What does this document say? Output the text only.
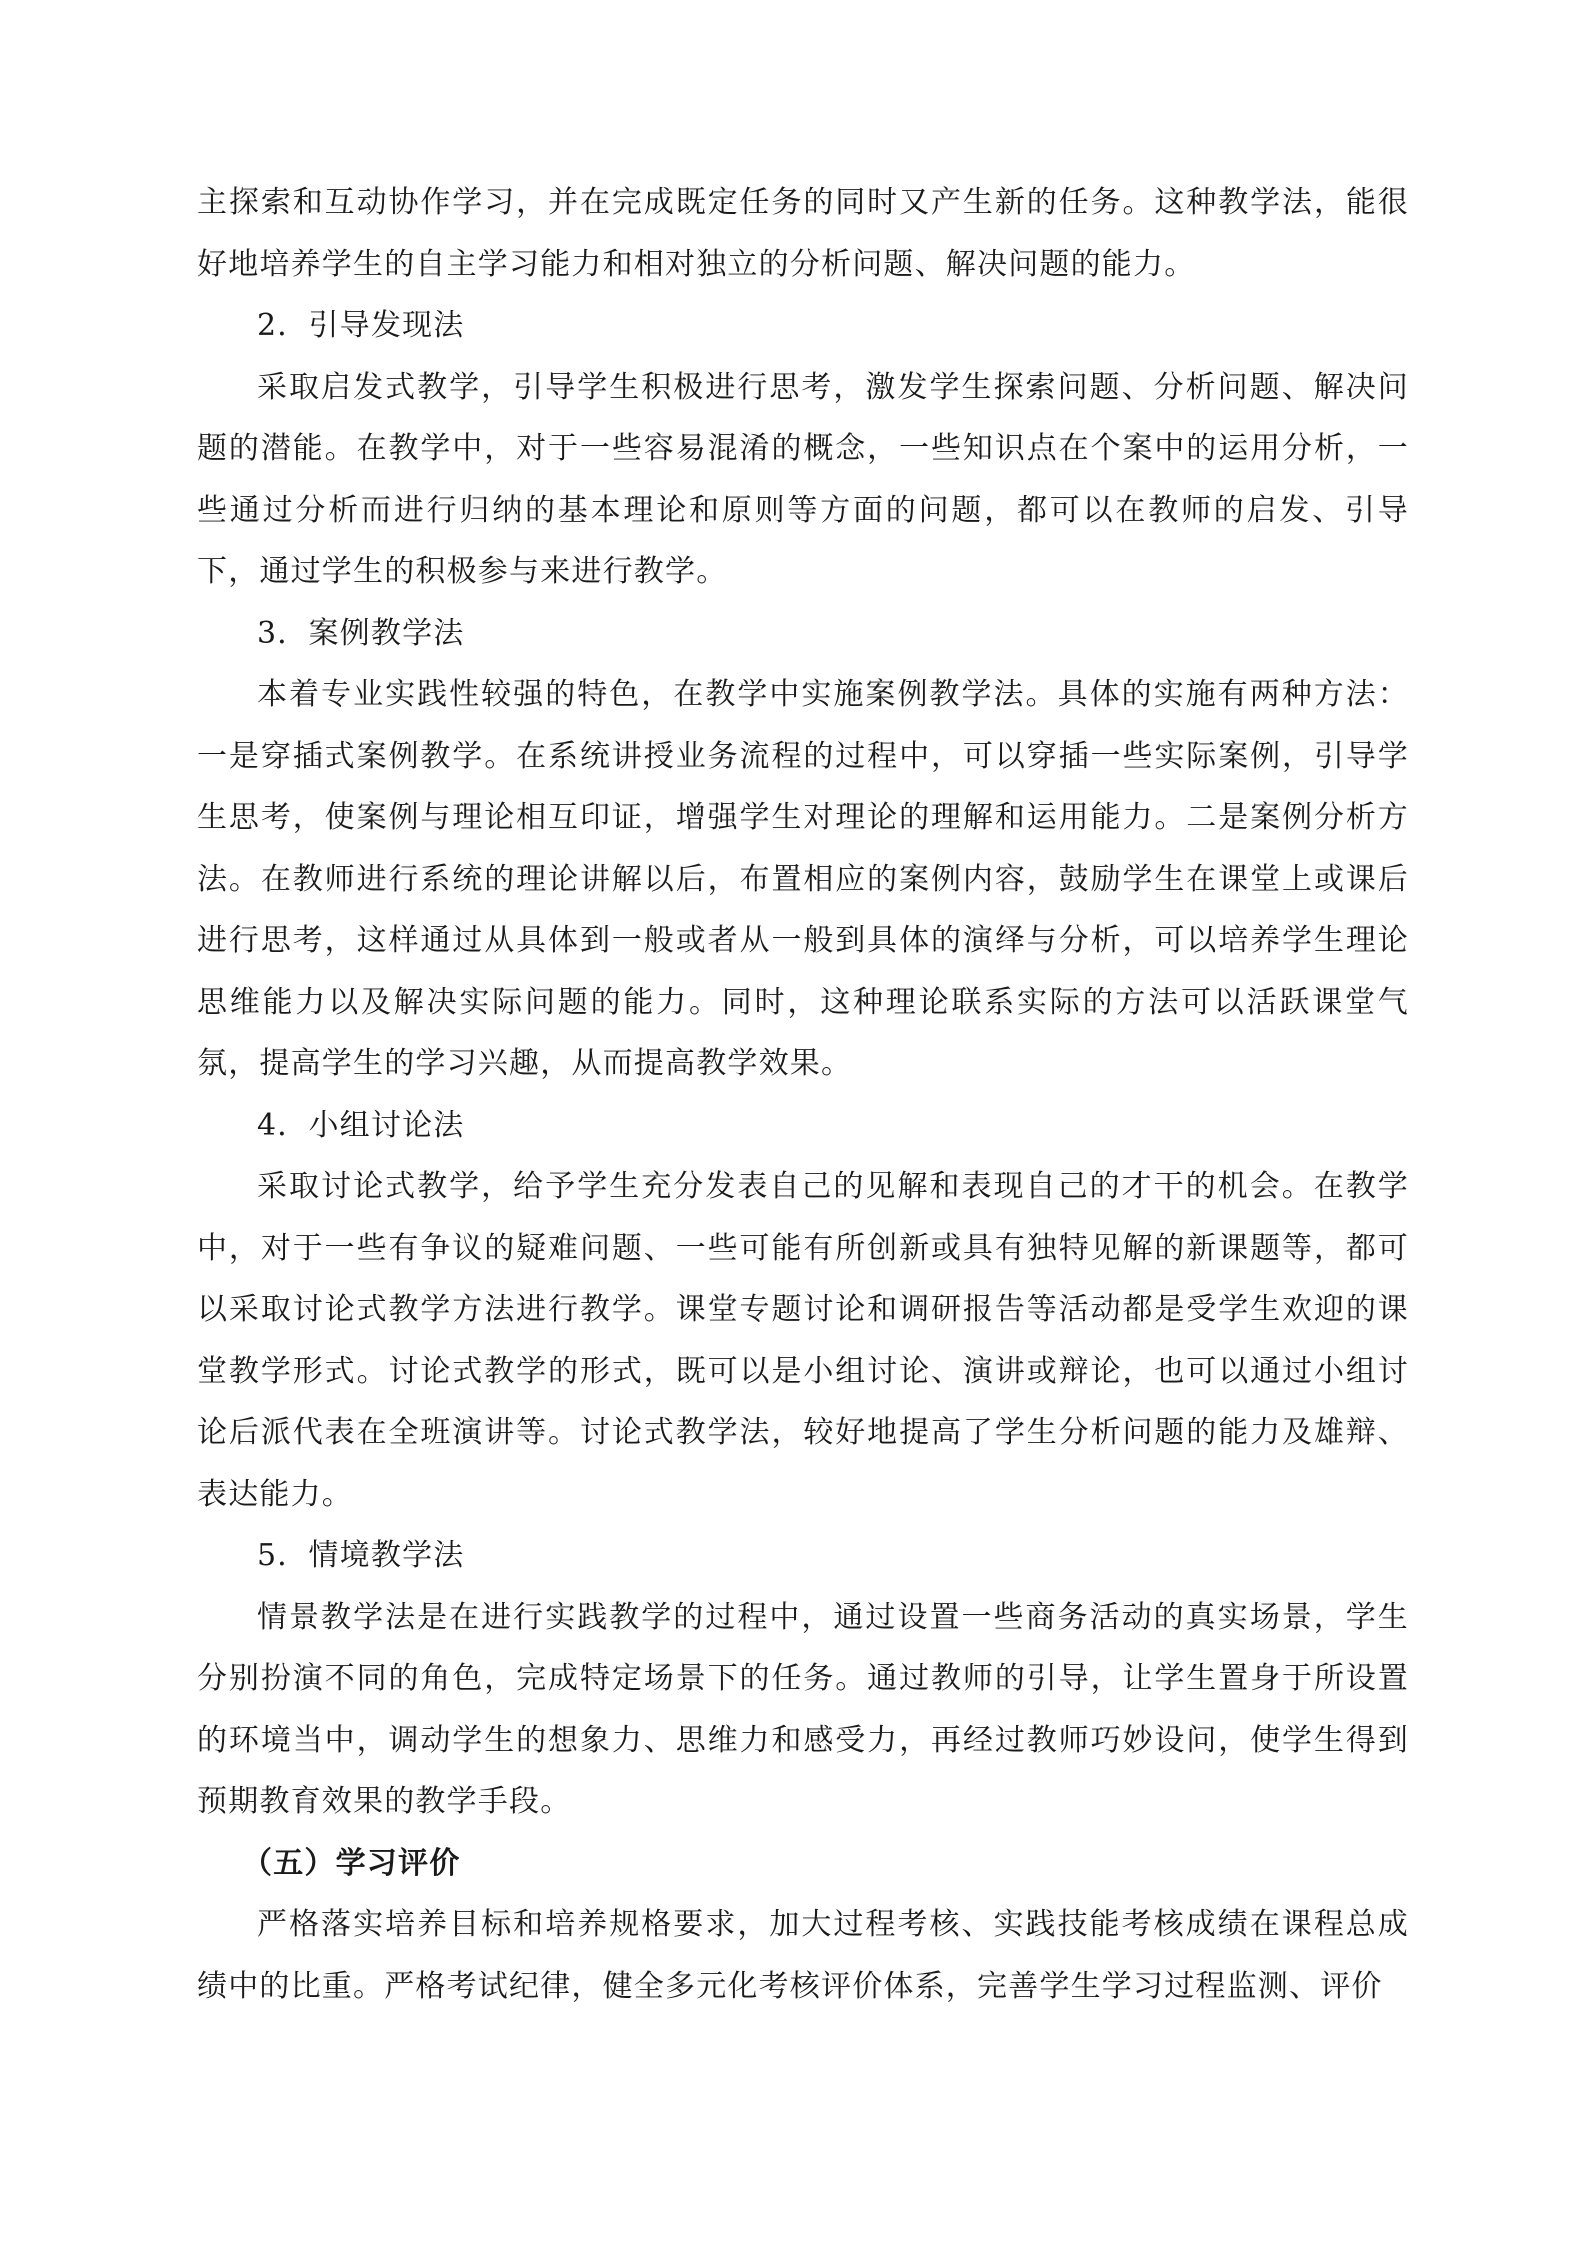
主探索和互动协作学习，并在完成既定任务的同时又产生新的任务。这种教学法，能很好地培养学生的自主学习能力和相对独立的分析问题、解决问题的能力。

2．引导发现法

采取启发式教学，引导学生积极进行思考，激发学生探索问题、分析问题、解决问题的潜能。在教学中，对于一些容易混淆的概念，一些知识点在个案中的运用分析，一些通过分析而进行归纳的基本理论和原则等方面的问题，都可以在教师的启发、引导下，通过学生的积极参与来进行教学。

3．案例教学法

本着专业实践性较强的特色，在教学中实施案例教学法。具体的实施有两种方法：一是穿插式案例教学。在系统讲授业务流程的过程中，可以穿插一些实际案例，引导学生思考，使案例与理论相互印证，增强学生对理论的理解和运用能力。二是案例分析方法。在教师进行系统的理论讲解以后，布置相应的案例内容，鼓励学生在课堂上或课后进行思考，这样通过从具体到一般或者从一般到具体的演绎与分析，可以培养学生理论思维能力以及解决实际问题的能力。同时，这种理论联系实际的方法可以活跃课堂气氛，提高学生的学习兴趣，从而提高教学效果。

4．小组讨论法

采取讨论式教学，给予学生充分发表自己的见解和表现自己的才干的机会。在教学中，对于一些有争议的疑难问题、一些可能有所创新或具有独特见解的新课题等，都可以采取讨论式教学方法进行教学。课堂专题讨论和调研报告等活动都是受学生欢迎的课堂教学形式。讨论式教学的形式，既可以是小组讨论、演讲或辩论，也可以通过小组讨论后派代表在全班演讲等。讨论式教学法，较好地提高了学生分析问题的能力及雄辩、表达能力。

5．情境教学法

情景教学法是在进行实践教学的过程中，通过设置一些商务活动的真实场景，学生分别扮演不同的角色，完成特定场景下的任务。通过教师的引导，让学生置身于所设置的环境当中，调动学生的想象力、思维力和感受力，再经过教师巧妙设问，使学生得到预期教育效果的教学手段。

（五）学习评价

严格落实培养目标和培养规格要求，加大过程考核、实践技能考核成绩在课程总成绩中的比重。严格考试纪律，健全多元化考核评价体系，完善学生学习过程监测、评价
